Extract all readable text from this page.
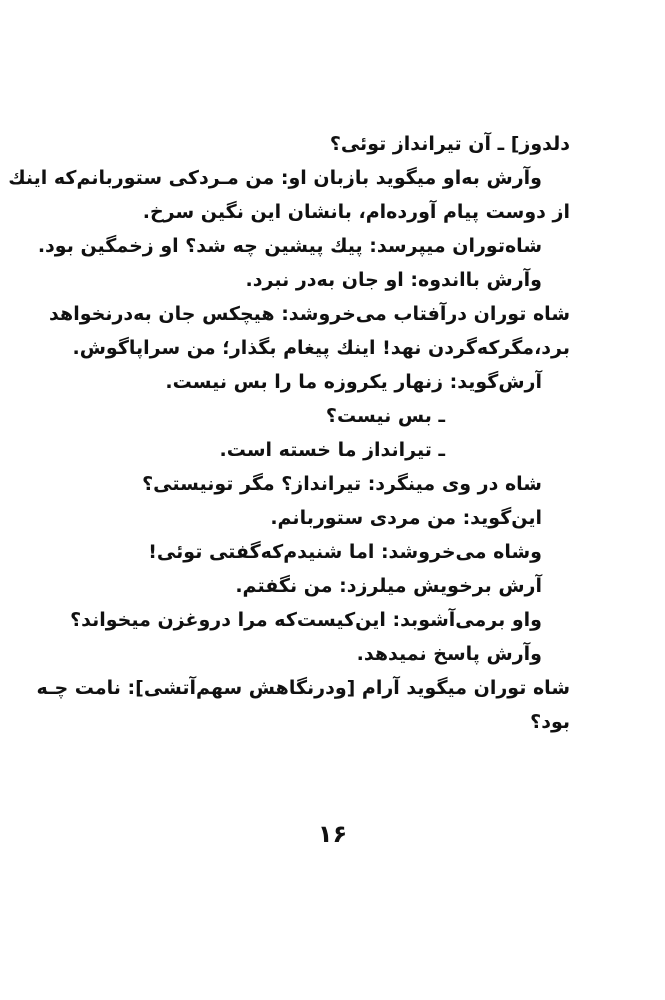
دلدوز] ـ آن تیرانداز توئی؟
وآرش به‌او میگوید بازبان او: من مـردکی ستوربانم‌که اینك
از دوست پیام آورده‌ام، بانشان این نگین سرخ.
شاه‌توران میپرسد: پیك پیشین چه شد؟ او زخمگین بود.
وآرش بااندوه: او جان به‌در نبرد.
شاه توران درآفتاب می‌خروشد: هیچکس جان به‌درنخواهد
برد،مگرکه‌گردن نهد! اینك پیغام بگذار؛ من سراپاگوش.
آرش‌گوید: زنهار یکروزه ما را بس نیست.
ـ بس نیست؟
ـ تیرانداز ما خسته است.
شاه در وی مینگرد: تیرانداز؟ مگر تونیستی؟
این‌گوید: من مردی ستوربانم.
وشاه می‌خروشد: اما شنیدم‌که‌گفتی توئی!
آرش برخویش میلرزد: من نگفتم.
واو برمی‌آشوبد: این‌کیست‌که مرا دروغزن میخواند؟
وآرش پاسخ نمیدهد.
شاه توران میگوید آرام [ودرنگاهش سهم‌آتشی]: نامت چـه
بود؟
۱۶
